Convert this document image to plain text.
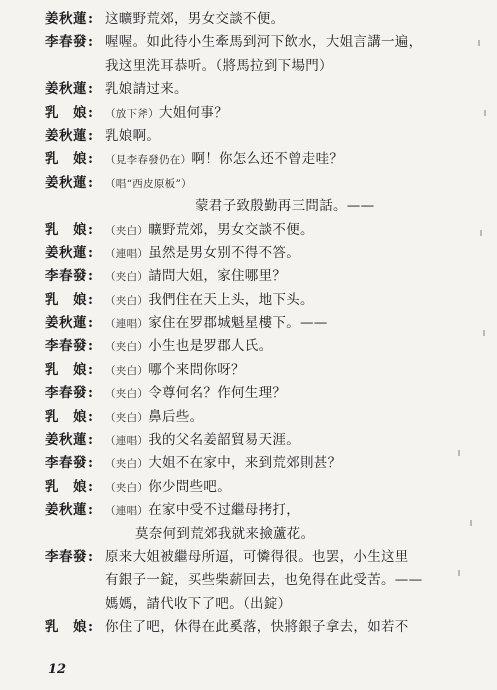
姜秋蓮 :	这曠野荒郊，男女交談不便。
李春發 :	喔喔。如此待小生牽馬到河下飲水，大姐言講一遍，
我这里洗耳恭听。（將馬拉到下場門）
姜秋蓮 :	乳娘請过来。
乳　娘 :	（放下斧）大姐何事？
姜秋蓮 :	乳娘啊。
乳　娘 :	（見李春發仍在）啊！你怎么还不曾走哇？
姜秋蓮 :	（唱“西皮原板”）
蒙君子致殷勤再三問話。——
乳　娘 :	（夹白）曠野荒郊，男女交談不便。
姜秋蓮 :	（連唱）虽然是男女别不得不答。
李春發 :	（夹白）請問大姐，家住哪里？
乳　娘 :	（夹白）我們住在天上头，地下头。
姜秋蓮 :	（連唱）家住在罗郡城魁星樓下。——
李春發 :	（夹白）小生也是罗郡人氏。
乳　娘 :	（夹白）哪个来問你呀？
李春發 :	（夹白）令尊何名？作何生理？
乳　娘 :	（夹白）鼻后些。
姜秋蓮 :	（連唱）我的父名姜韶貿易天涯。
李春發 :	（夹白）大姐不在家中，来到荒郊則甚？
乳　娘 :	（夹白）你少問些吧。
姜秋蓮 :	（連唱）在家中受不过繼母拷打，
莫奈何到荒郊我就来撿蘆花。
李春發 :	原来大姐被繼母所逼，可憐得很。也罢，小生这里
有銀子一錠，买些柴薪回去，也免得在此受苦。——
媽媽，請代收下了吧。（出錠）
乳　娘 :	你住了吧，休得在此奚落，快將銀子拿去，如若不
12
